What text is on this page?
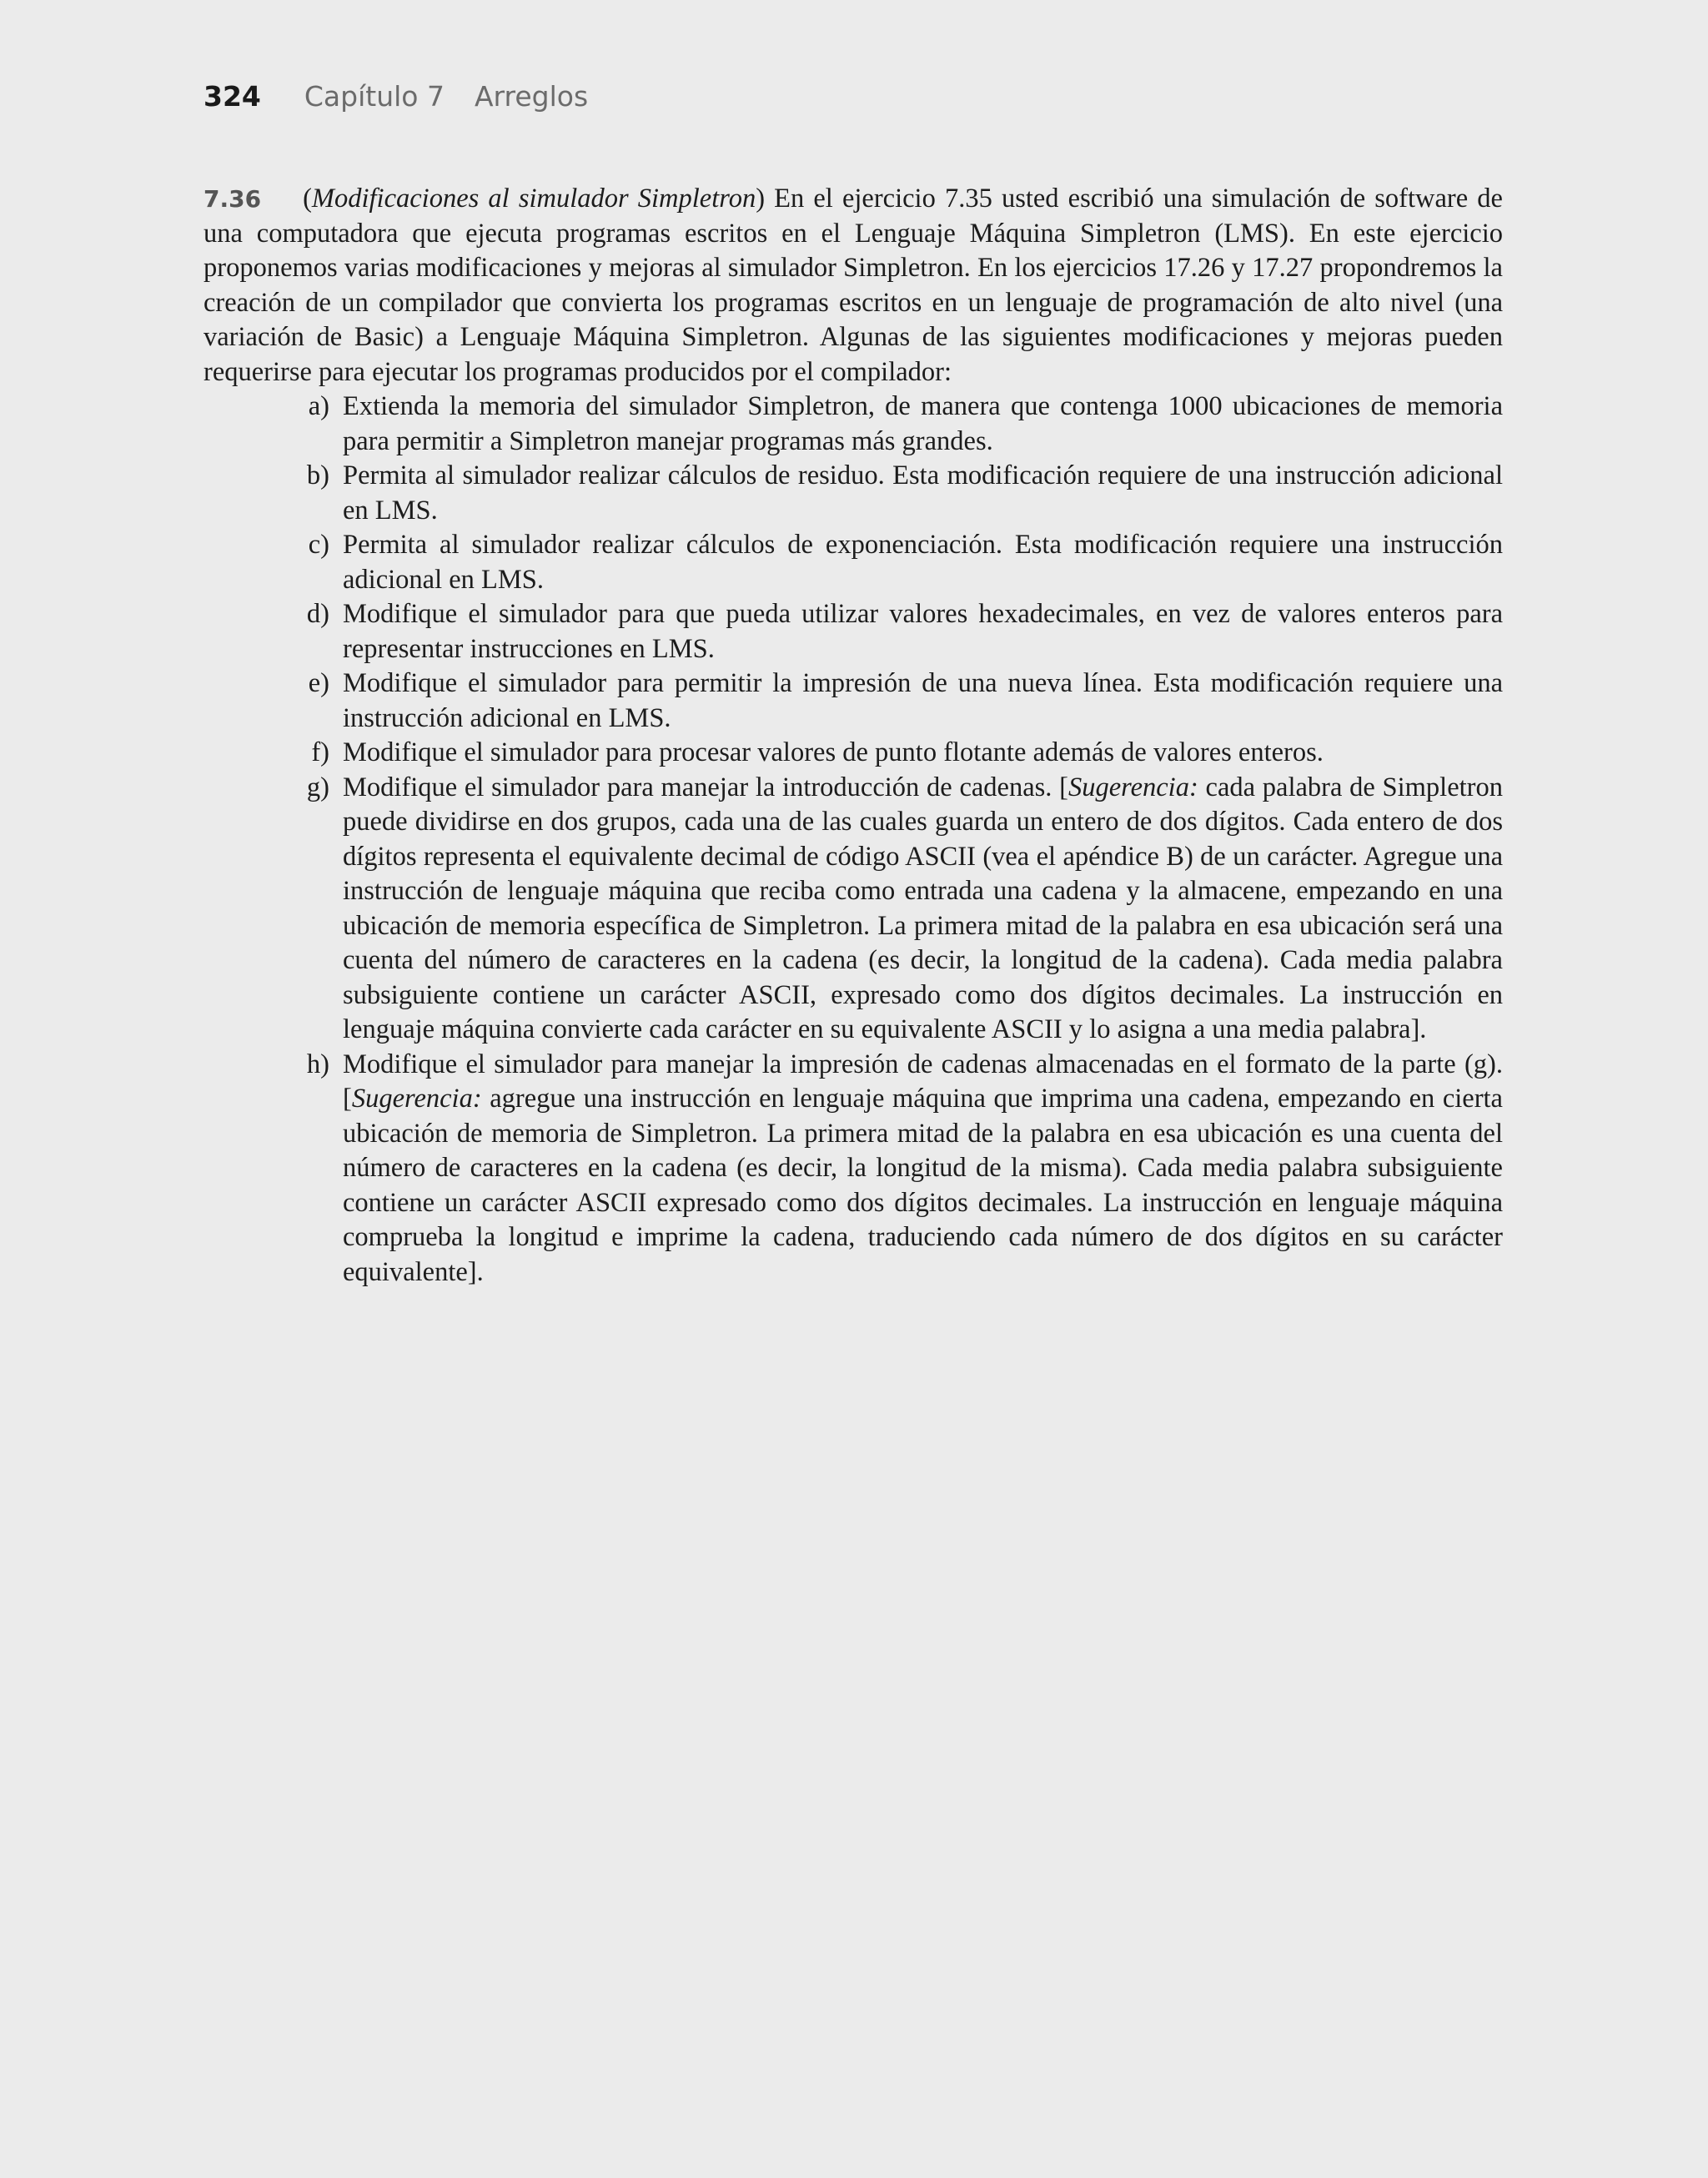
324 Capítulo 7 Arreglos

7.36 (Modificaciones al simulador Simpletron) En el ejercicio 7.35 usted escribió una simulación de software de una computadora que ejecuta programas escritos en el Lenguaje Máquina Simpletron (LMS). En este ejercicio proponemos varias modificaciones y mejoras al simulador Simpletron. En los ejercicios 17.26 y 17.27 propondremos la creación de un compilador que convierta los programas escritos en un lenguaje de programación de alto nivel (una variación de Basic) a Lenguaje Máquina Simpletron. Algunas de las siguientes modificaciones y mejoras pueden requerirse para ejecutar los programas producidos por el compilador:

a) Extienda la memoria del simulador Simpletron, de manera que contenga 1000 ubicaciones de memoria para permitir a Simpletron manejar programas más grandes.
b) Permita al simulador realizar cálculos de residuo. Esta modificación requiere de una instrucción adicional en LMS.
c) Permita al simulador realizar cálculos de exponenciación. Esta modificación requiere una instrucción adicional en LMS.
d) Modifique el simulador para que pueda utilizar valores hexadecimales, en vez de valores enteros para representar instrucciones en LMS.
e) Modifique el simulador para permitir la impresión de una nueva línea. Esta modificación requiere una instrucción adicional en LMS.
f) Modifique el simulador para procesar valores de punto flotante además de valores enteros.
g) Modifique el simulador para manejar la introducción de cadenas. [Sugerencia: cada palabra de Simpletron puede dividirse en dos grupos, cada una de las cuales guarda un entero de dos dígitos. Cada entero de dos dígitos representa el equivalente decimal de código ASCII (vea el apéndice B) de un carácter. Agregue una instrucción de lenguaje máquina que reciba como entrada una cadena y la almacene, empezando en una ubicación de memoria específica de Simpletron. La primera mitad de la palabra en esa ubicación será una cuenta del número de caracteres en la cadena (es decir, la longitud de la cadena). Cada media palabra subsiguiente contiene un carácter ASCII, expresado como dos dígitos decimales. La instrucción en lenguaje máquina convierte cada carácter en su equivalente ASCII y lo asigna a una media palabra].
h) Modifique el simulador para manejar la impresión de cadenas almacenadas en el formato de la parte (g). [Sugerencia: agregue una instrucción en lenguaje máquina que imprima una cadena, empezando en cierta ubicación de memoria de Simpletron. La primera mitad de la palabra en esa ubicación es una cuenta del número de caracteres en la cadena (es decir, la longitud de la misma). Cada media palabra subsiguiente contiene un carácter ASCII expresado como dos dígitos decimales. La instrucción en lenguaje máquina comprueba la longitud e imprime la cadena, traduciendo cada número de dos dígitos en su carácter equivalente].
